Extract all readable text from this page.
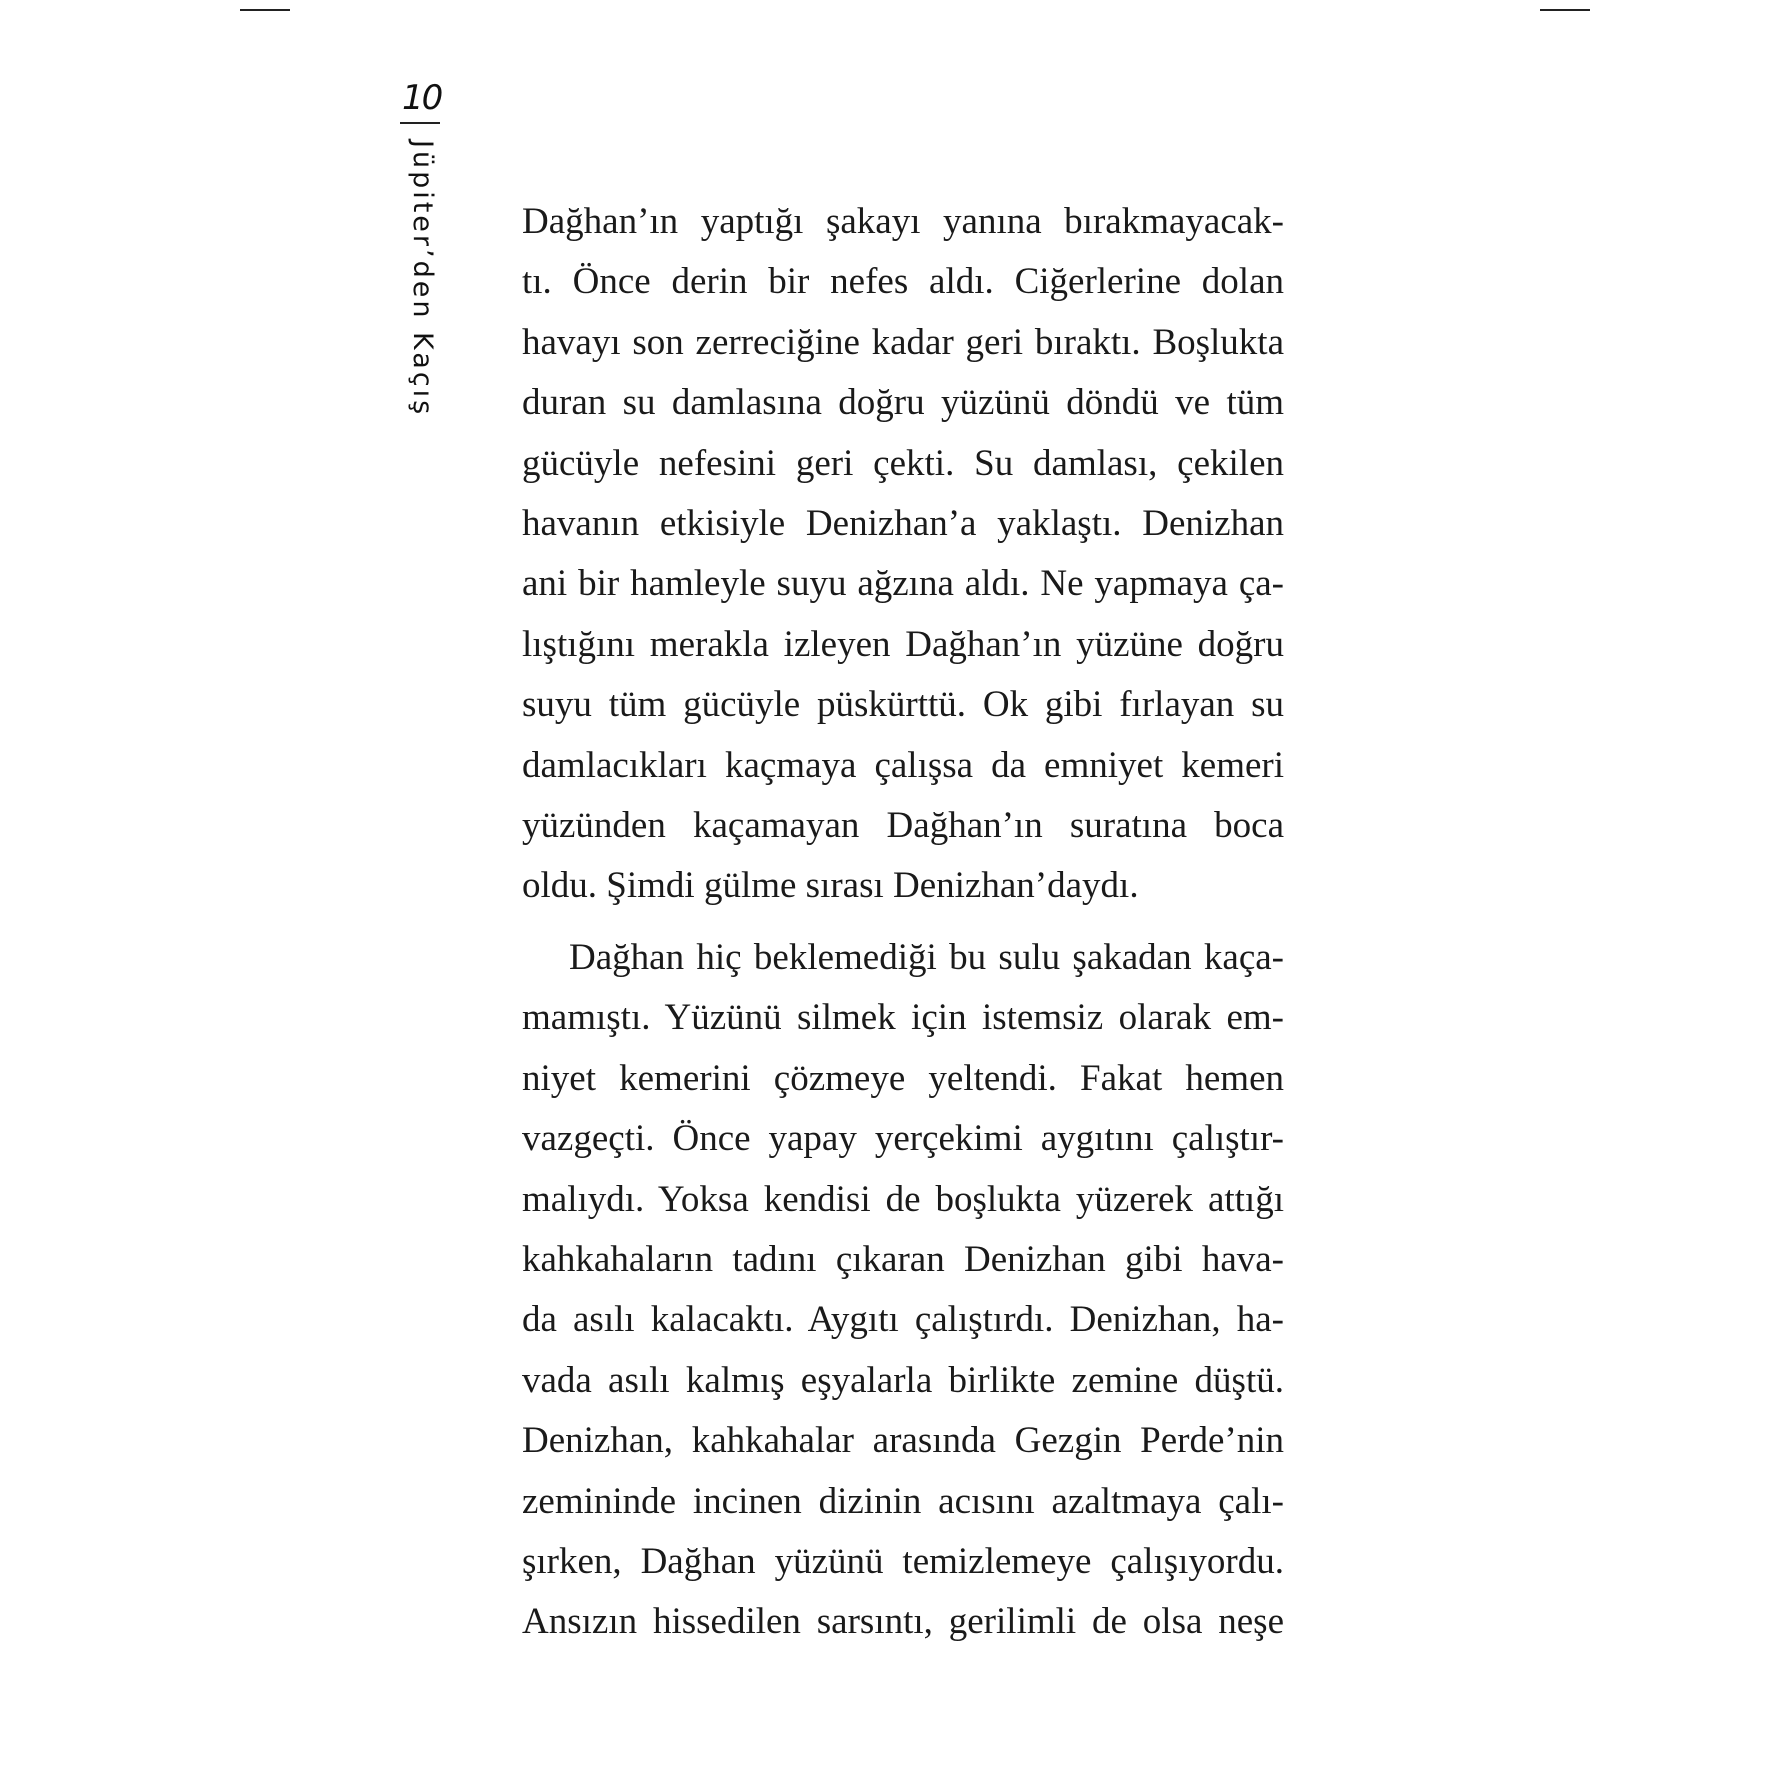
10
Jüpiter’den Kaçış Dağhan’ın yaptığı şakayı yanına bırakmayacak-
tı. Önce derin bir nefes aldı. Ciğerlerine dolan
havayı son zerreciğine kadar geri bıraktı. Boşlukta
duran su damlasına doğru yüzünü döndü ve tüm
gücüyle nefesini geri çekti. Su damlası, çekilen
havanın etkisiyle Denizhan’a yaklaştı. Denizhan
ani bir hamleyle suyu ağzına aldı. Ne yapmaya ça-
lıştığını merakla izleyen Dağhan’ın yüzüne doğru
suyu tüm gücüyle püskürttü. Ok gibi fırlayan su
damlacıkları kaçmaya çalışsa da emniyet kemeri
yüzünden kaçamayan Dağhan’ın suratına boca
oldu. Şimdi gülme sırası Denizhan’daydı.

Dağhan hiç beklemediği bu sulu şakadan kaça-
mamıştı. Yüzünü silmek için istemsiz olarak em-
niyet kemerini çözmeye yeltendi. Fakat hemen
vazgeçti. Önce yapay yerçekimi aygıtını çalıştır-
malıydı. Yoksa kendisi de boşlukta yüzerek attığı
kahkahaların tadını çıkaran Denizhan gibi hava-
da asılı kalacaktı. Aygıtı çalıştırdı. Denizhan, ha-
vada asılı kalmış eşyalarla birlikte zemine düştü.
Denizhan, kahkahalar arasında Gezgin Perde’nin
zemininde incinen dizinin acısını azaltmaya çalı-
şırken, Dağhan yüzünü temizlemeye çalışıyordu.
Ansızın hissedilen sarsıntı, gerilimli de olsa neşe
